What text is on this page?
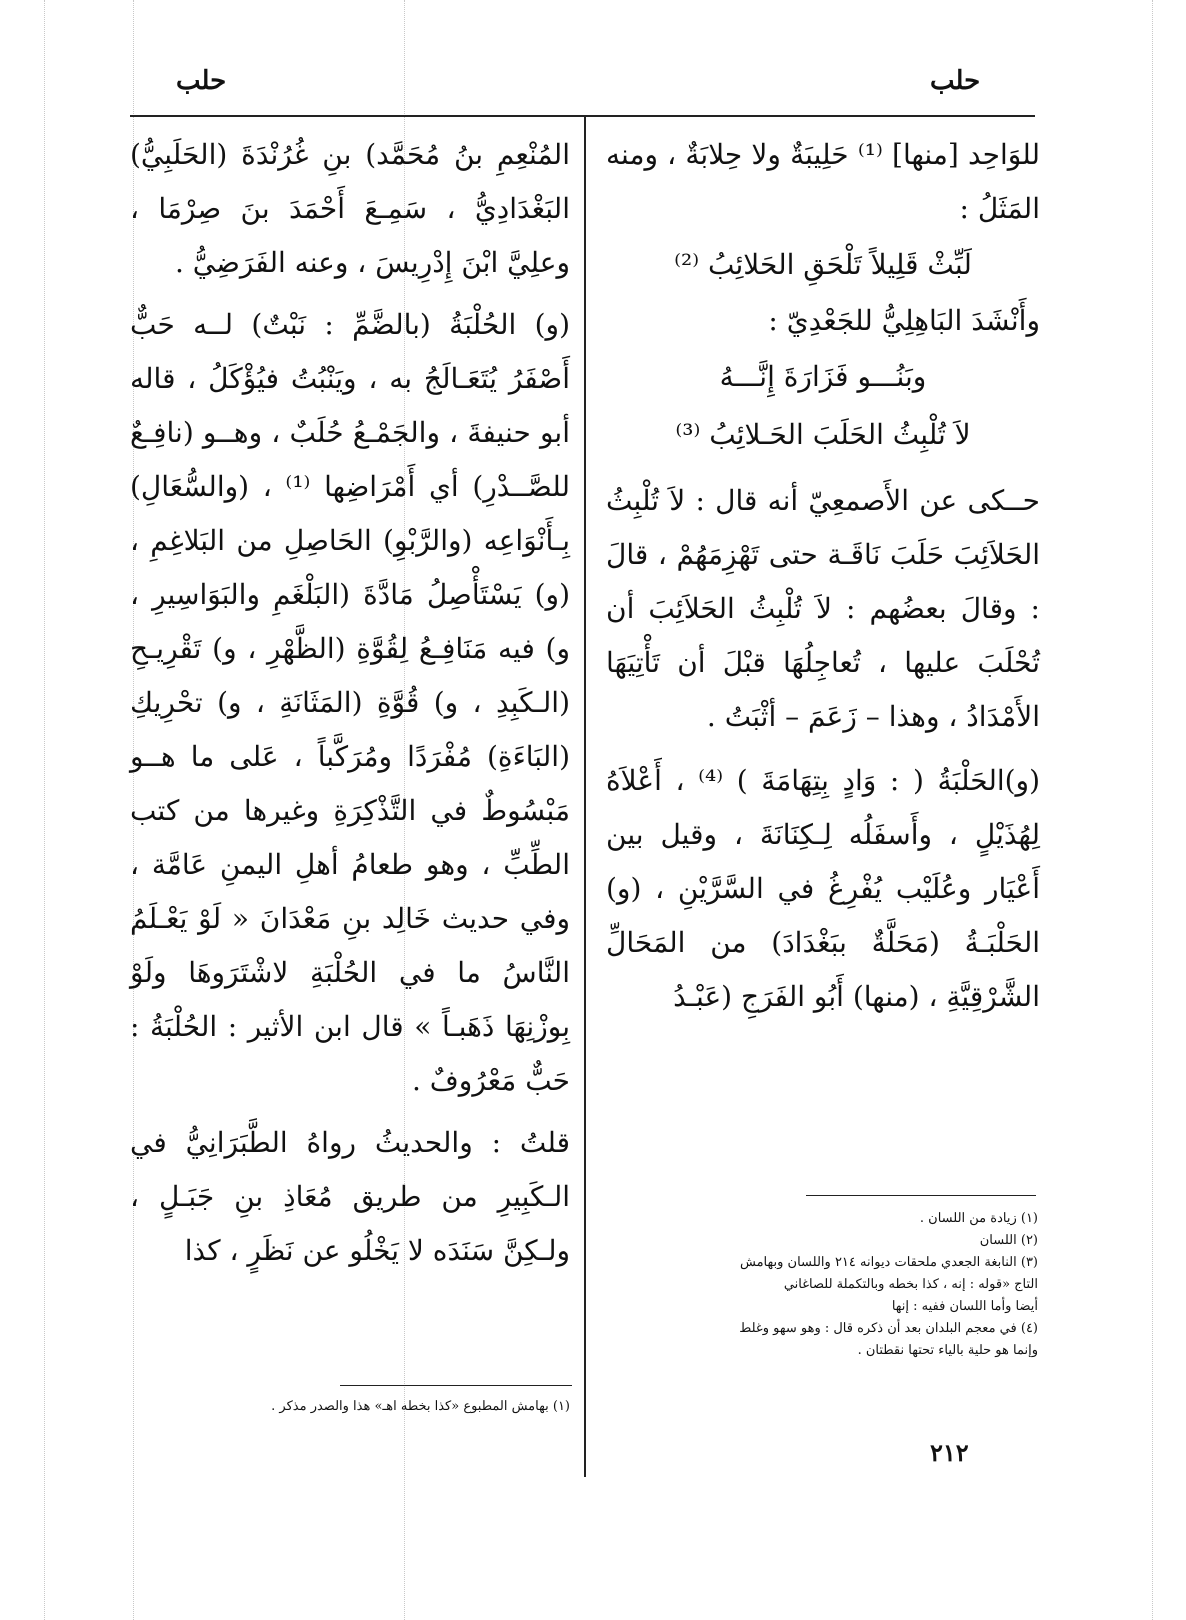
حلب	حلب

للوَاحِد [منها] ⁽¹⁾ حَلِيبَةٌ ولا حِلابَةٌ ، ومنه المَثَلُ :

لَبِّثْ قَلِيلاً تَلْحَقِ الحَلائِبُ ⁽²⁾

وأَنْشَدَ البَاهِلِيُّ للجَعْدِيّ :

وبَنُـــو فَزَارَةَ إِنَّـــهُ

لاَ تُلْبِثُ الحَلَبَ الحَـلائِبُ ⁽³⁾

حــكى عن الأَصمعِيّ أنه قال : لاَ تُلْبِثُ الحَلاَئِبَ حَلَبَ نَاقَـة حتى تَهْزِمَهُمْ ، قالَ : وقالَ بعضُهم : لاَ تُلْبِثُ الحَلاَئِبَ أن تُحْلَبَ عليها ، تُعاجِلُهَا قبْلَ أن تَأْتِيَهَا الأَمْدَادُ ، وهذا – زَعَمَ – أثْبَتُ .

(و)الحَلْبَةُ ( : وَادٍ بِتِهَامَةَ ) ⁽⁴⁾ ، أَعْلاَهُ لِهُذَيْلٍ ، وأَسفَلُه لِـكِنَانَةَ ، وقيل بين أَعْيَار وعُلَيْب يُفْرِغُ في السَّرَّيْنِ ، (و) الحَلْبَـةُ (مَحَلَّةٌ ببَغْدَادَ) من المَحَالِّ الشَّرْقِيَّةِ ، (منها) أَبُو الفَرَجِ (عَبْـدُ

(١) زيادة من اللسان .
(٢) اللسان
(٣) النابغة الجعدي ملحقات ديوانه ٢١٤ واللسان وبهامش
التاج «قوله : إنه ، كذا بخطه وبالتكملة للصاغاني
أيضا وأما اللسان ففيه : إنها
(٤) في معجم البلدان بعد أن ذكره قال : وهو سهو وغلط
وإنما هو حلية بالياء تحتها نقطتان .

المُنْعِمِ بنُ مُحَمَّد) بنِ غُرُنْدَةَ (الحَلَبِيُّ) البَغْدَادِيُّ ، سَمِـعَ أَحْمَدَ بنَ صِرْمَا ، وعلِيَّ ابْنَ إِدْرِيسَ ، وعنه الفَرَضِيُّ .

(و) الحُلْبَةُ (بالضَّمِّ : نَبْتٌ) لــه حَبٌّ أَصْفَرُ يُتَعَـالَجُ به ، ويَنْبُتُ فيُؤْكَلُ ، قاله أبو حنيفةَ ، والجَمْـعُ حُلَبٌ ، وهــو (نافِـعٌ للصَّــدْرِ) أي أَمْرَاضِها ⁽¹⁾ ، (والسُّعَالِ) بِـأَنْوَاعِه (والرَّبْوِ) الحَاصِلِ من البَلاغِمِ ، (و) يَسْتَأْصِلُ مَادَّةَ (البَلْغَمِ والبَوَاسِيرِ ، و) فيه مَنَافِـعُ لِقُوَّةِ (الظَّهْرِ ، و) تَقْرِيـحِ (الـكَبِدِ ، و) قُوَّةِ (المَثَانَةِ ، و) تحْرِيكِ (البَاءَةِ) مُفْرَدًا ومُرَكَّباً ، عَلى ما هــو مَبْسُوطٌ في التَّذْكِرَةِ وغيرها من كتب الطِّبِّ ، وهو طعامُ أهلِ اليمنِ عَامَّة ، وفي حديث خَالِد بنِ مَعْدَانَ « لَوْ يَعْـلَمُ النَّاسُ ما في الحُلْبَةِ لاشْتَرَوهَا ولَوْ بِوزْنِهَا ذَهَبـاً » قال ابن الأثير : الحُلْبَةُ : حَبٌّ مَعْرُوفٌ .

قلتُ : والحديثُ رواهُ الطَّبَرَانِيُّ في الـكَبِيرِ من طريق مُعَاذِ بنِ جَبَـلٍ ، ولـكِنَّ سَنَدَه لا يَخْلُو عن نَظَرٍ ، كذا

(١) بهامش المطبوع «كذا بخطه اهـ» هذا والصدر مذكر .
٢١٢
